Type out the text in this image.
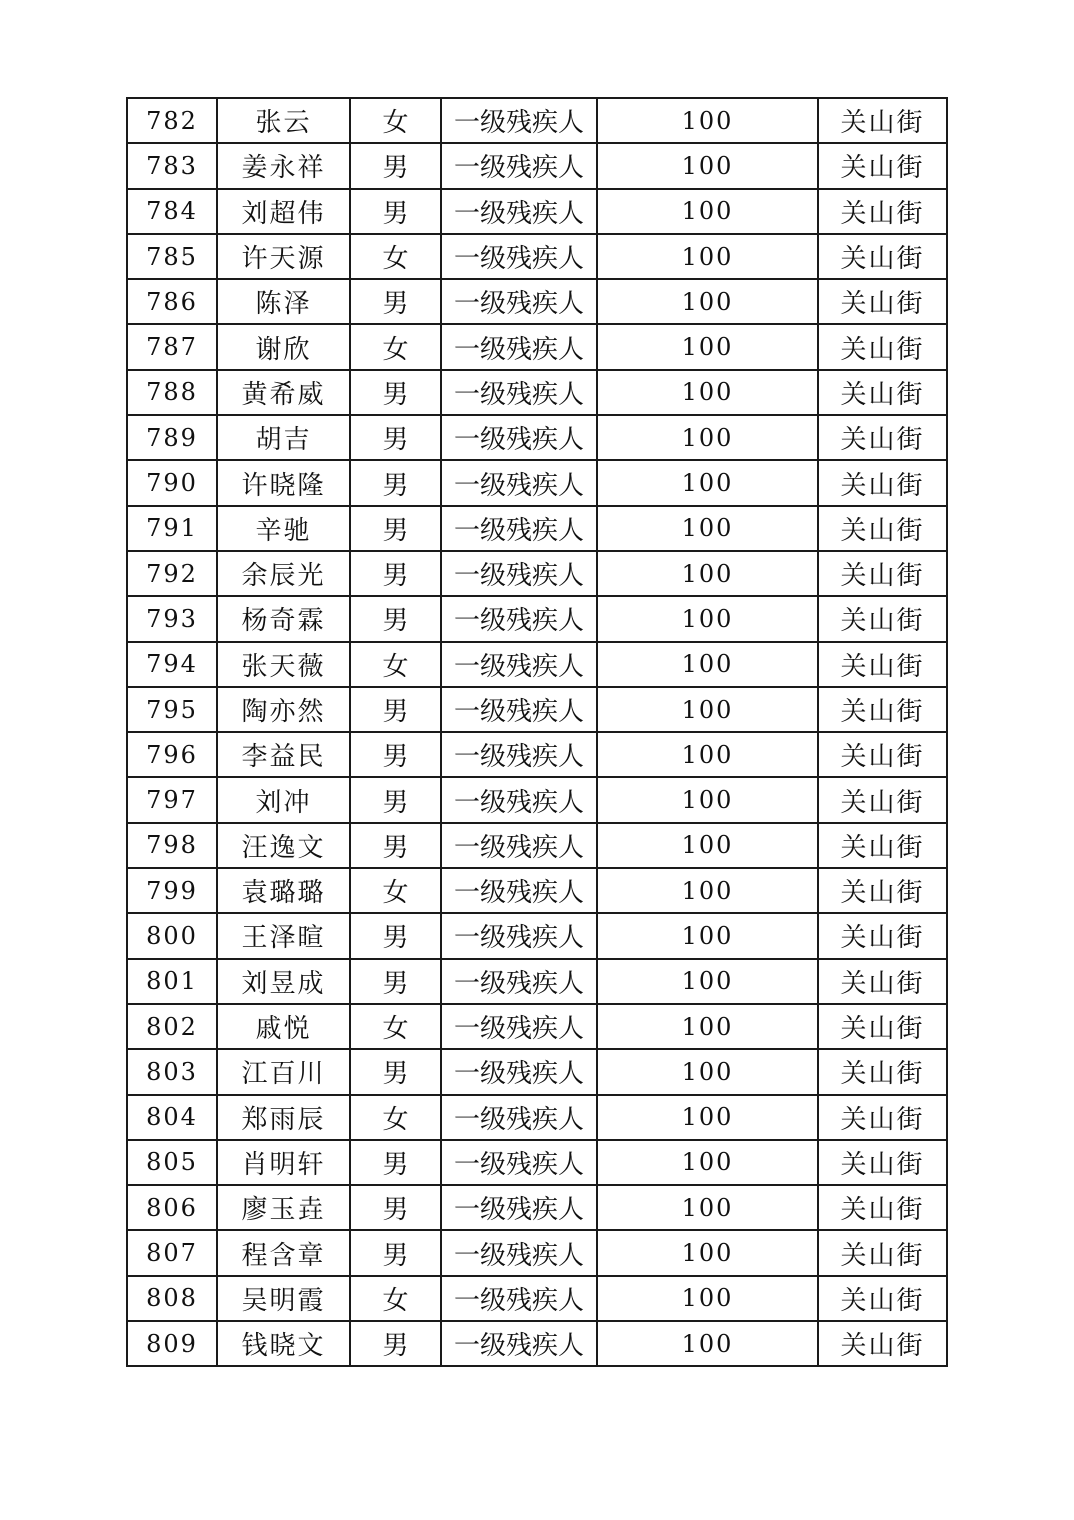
782	张云	女	一级残疾人	100	关山街
783	姜永祥	男	一级残疾人	100	关山街
784	刘超伟	男	一级残疾人	100	关山街
785	许天源	女	一级残疾人	100	关山街
786	陈泽	男	一级残疾人	100	关山街
787	谢欣	女	一级残疾人	100	关山街
788	黄希威	男	一级残疾人	100	关山街
789	胡吉	男	一级残疾人	100	关山街
790	许晓隆	男	一级残疾人	100	关山街
791	辛驰	男	一级残疾人	100	关山街
792	余辰光	男	一级残疾人	100	关山街
793	杨奇霖	男	一级残疾人	100	关山街
794	张天薇	女	一级残疾人	100	关山街
795	陶亦然	男	一级残疾人	100	关山街
796	李益民	男	一级残疾人	100	关山街
797	刘冲	男	一级残疾人	100	关山街
798	汪逸文	男	一级残疾人	100	关山街
799	袁璐璐	女	一级残疾人	100	关山街
800	王泽暄	男	一级残疾人	100	关山街
801	刘昱成	男	一级残疾人	100	关山街
802	戚悦	女	一级残疾人	100	关山街
803	江百川	男	一级残疾人	100	关山街
804	郑雨辰	女	一级残疾人	100	关山街
805	肖明轩	男	一级残疾人	100	关山街
806	廖玉垚	男	一级残疾人	100	关山街
807	程含章	男	一级残疾人	100	关山街
808	吴明霞	女	一级残疾人	100	关山街
809	钱晓文	男	一级残疾人	100	关山街
